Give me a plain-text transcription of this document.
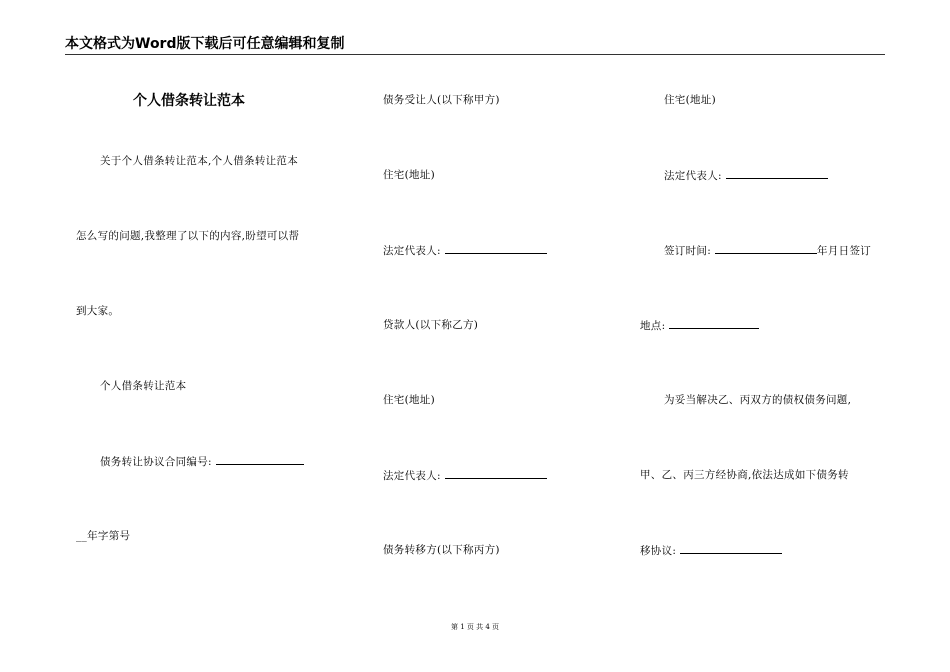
本文格式为Word版下载后可任意编辑和复制
个人借条转让范本
关于个人借条转让范本,个人借条转让范本
怎么写的问题,我整理了以下的内容,盼望可以帮
到大家。
个人借条转让范本
债务转让协议合同编号:
__年字第号
债务受让人(以下称甲方)
住宅(地址)
法定代表人:
贷款人(以下称乙方)
住宅(地址)
法定代表人:
债务转移方(以下称丙方)
住宅(地址)
法定代表人:
签订时间:	年月日签订
地点:
为妥当解决乙、丙双方的债权债务问题,
甲、乙、丙三方经协商,依法达成如下债务转
移协议:
第 1 页 共 4 页
